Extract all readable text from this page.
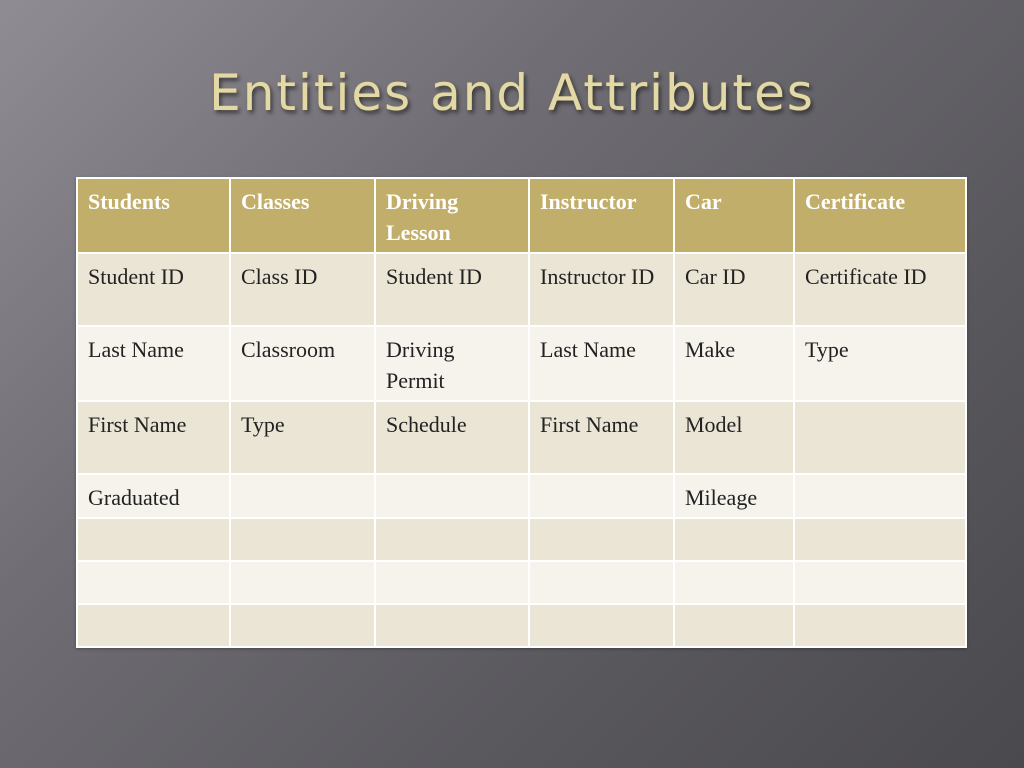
Entities and Attributes
Students	Classes	Driving Lesson	Instructor	Car	Certificate
Student ID	Class ID	Student ID	Instructor ID	Car ID	Certificate ID
Last Name	Classroom	Driving Permit	Last Name	Make	Type
First Name	Type	Schedule	First Name	Model	
Graduated				Mileage	
